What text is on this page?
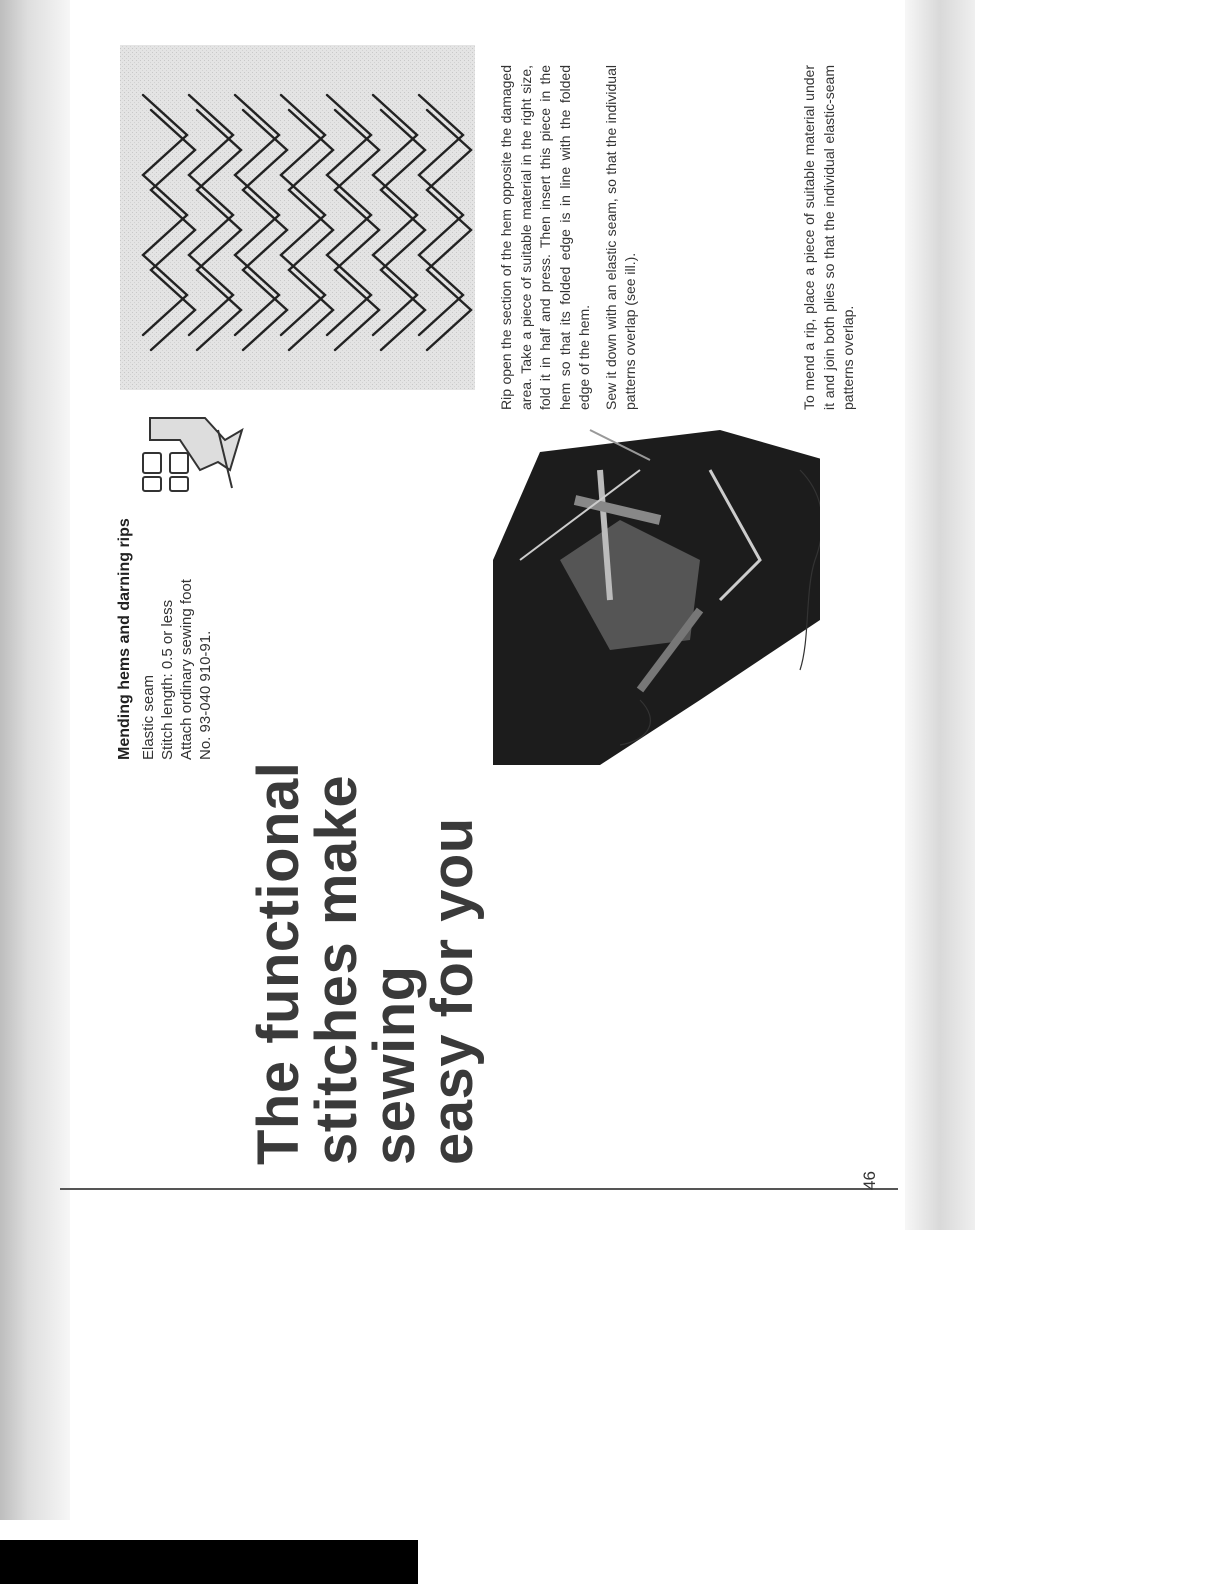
The functional
stitches make
sewing
easy for you
46
Mending hems and darning rips Elastic seam Stitch length: 0.5 or less Attach ordinary sewing foot No. 93-040 910-91.

Rip open the section of the hem opposite the damaged area. Take a piece of suitable material in the right size, fold it in half and press. Then insert this piece in the hem so that its folded edge is in line with the folded edge of the hem. Sew it down with an elastic seam, so that the individual patterns overlap (see ill.).	To mend a rip, place a piece of suitable material under it and join both plies so that the individual elastic-seam patterns overlap.
